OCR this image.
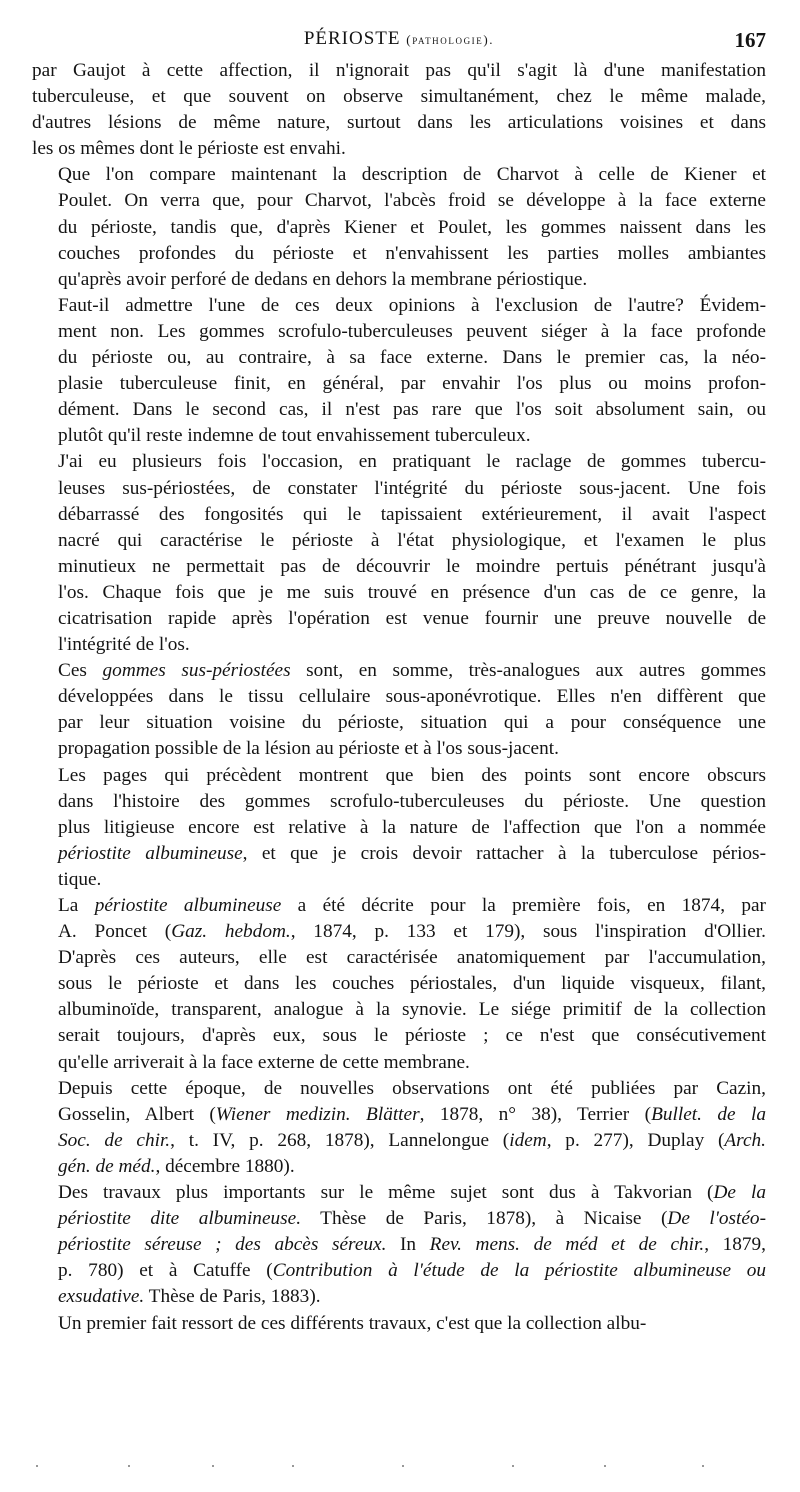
PÉRIOSTE (pathologie).	167

par Gaujot à cette affection, il n'ignorait pas qu'il s'agit là d'une manifestation
tuberculeuse, et que souvent on observe simultanément, chez le même malade,
d'autres lésions de même nature, surtout dans les articulations voisines et dans
les os mêmes dont le périoste est envahi.

Que l'on compare maintenant la description de Charvot à celle de Kiener et
Poulet. On verra que, pour Charvot, l'abcès froid se développe à la face externe
du périoste, tandis que, d'après Kiener et Poulet, les gommes naissent dans les
couches profondes du périoste et n'envahissent les parties molles ambiantes
qu'après avoir perforé de dedans en dehors la membrane périostique.

Faut-il admettre l'une de ces deux opinions à l'exclusion de l'autre? Évidem-
ment non. Les gommes scrofulo-tuberculeuses peuvent siéger à la face profonde
du périoste ou, au contraire, à sa face externe. Dans le premier cas, la néo-
plasie tuberculeuse finit, en général, par envahir l'os plus ou moins profon-
dément. Dans le second cas, il n'est pas rare que l'os soit absolument sain, ou
plutôt qu'il reste indemne de tout envahissement tuberculeux.

J'ai eu plusieurs fois l'occasion, en pratiquant le raclage de gommes tubercu-
leuses sus-périostées, de constater l'intégrité du périoste sous-jacent. Une fois
débarrassé des fongosités qui le tapissaient extérieurement, il avait l'aspect
nacré qui caractérise le périoste à l'état physiologique, et l'examen le plus
minutieux ne permettait pas de découvrir le moindre pertuis pénétrant jusqu'à
l'os. Chaque fois que je me suis trouvé en présence d'un cas de ce genre, la
cicatrisation rapide après l'opération est venue fournir une preuve nouvelle de
l'intégrité de l'os.

Ces gommes sus-périostées sont, en somme, très-analogues aux autres gommes
développées dans le tissu cellulaire sous-aponévrotique. Elles n'en diffèrent que
par leur situation voisine du périoste, situation qui a pour conséquence une
propagation possible de la lésion au périoste et à l'os sous-jacent.

Les pages qui précèdent montrent que bien des points sont encore obscurs
dans l'histoire des gommes scrofulo-tuberculeuses du périoste. Une question
plus litigieuse encore est relative à la nature de l'affection que l'on a nommée
périostite albumineuse, et que je crois devoir rattacher à la tuberculose périos-
tique.

La périostite albumineuse a été décrite pour la première fois, en 1874, par
A. Poncet (Gaz. hebdom., 1874, p. 133 et 179), sous l'inspiration d'Ollier.
D'après ces auteurs, elle est caractérisée anatomiquement par l'accumulation,
sous le périoste et dans les couches périostales, d'un liquide visqueux, filant,
albuminoïde, transparent, analogue à la synovie. Le siége primitif de la collection
serait toujours, d'après eux, sous le périoste ; ce n'est que consécutivement
qu'elle arriverait à la face externe de cette membrane.

Depuis cette époque, de nouvelles observations ont été publiées par Cazin,
Gosselin, Albert (Wiener medizin. Blätter, 1878, n° 38), Terrier (Bullet. de la
Soc. de chir., t. IV, p. 268, 1878), Lannelongue (idem, p. 277), Duplay (Arch.
gén. de méd., décembre 1880).

Des travaux plus importants sur le même sujet sont dus à Takvorian (De la
périostite dite albumineuse. Thèse de Paris, 1878), à Nicaise (De l'ostéo-
périostite séreuse ; des abcès séreux. In Rev. mens. de méd et de chir., 1879,
p. 780) et à Catuffe (Contribution à l'étude de la périostite albumineuse ou
exsudative. Thèse de Paris, 1883).

Un premier fait ressort de ces différents travaux, c'est que la collection albu-
